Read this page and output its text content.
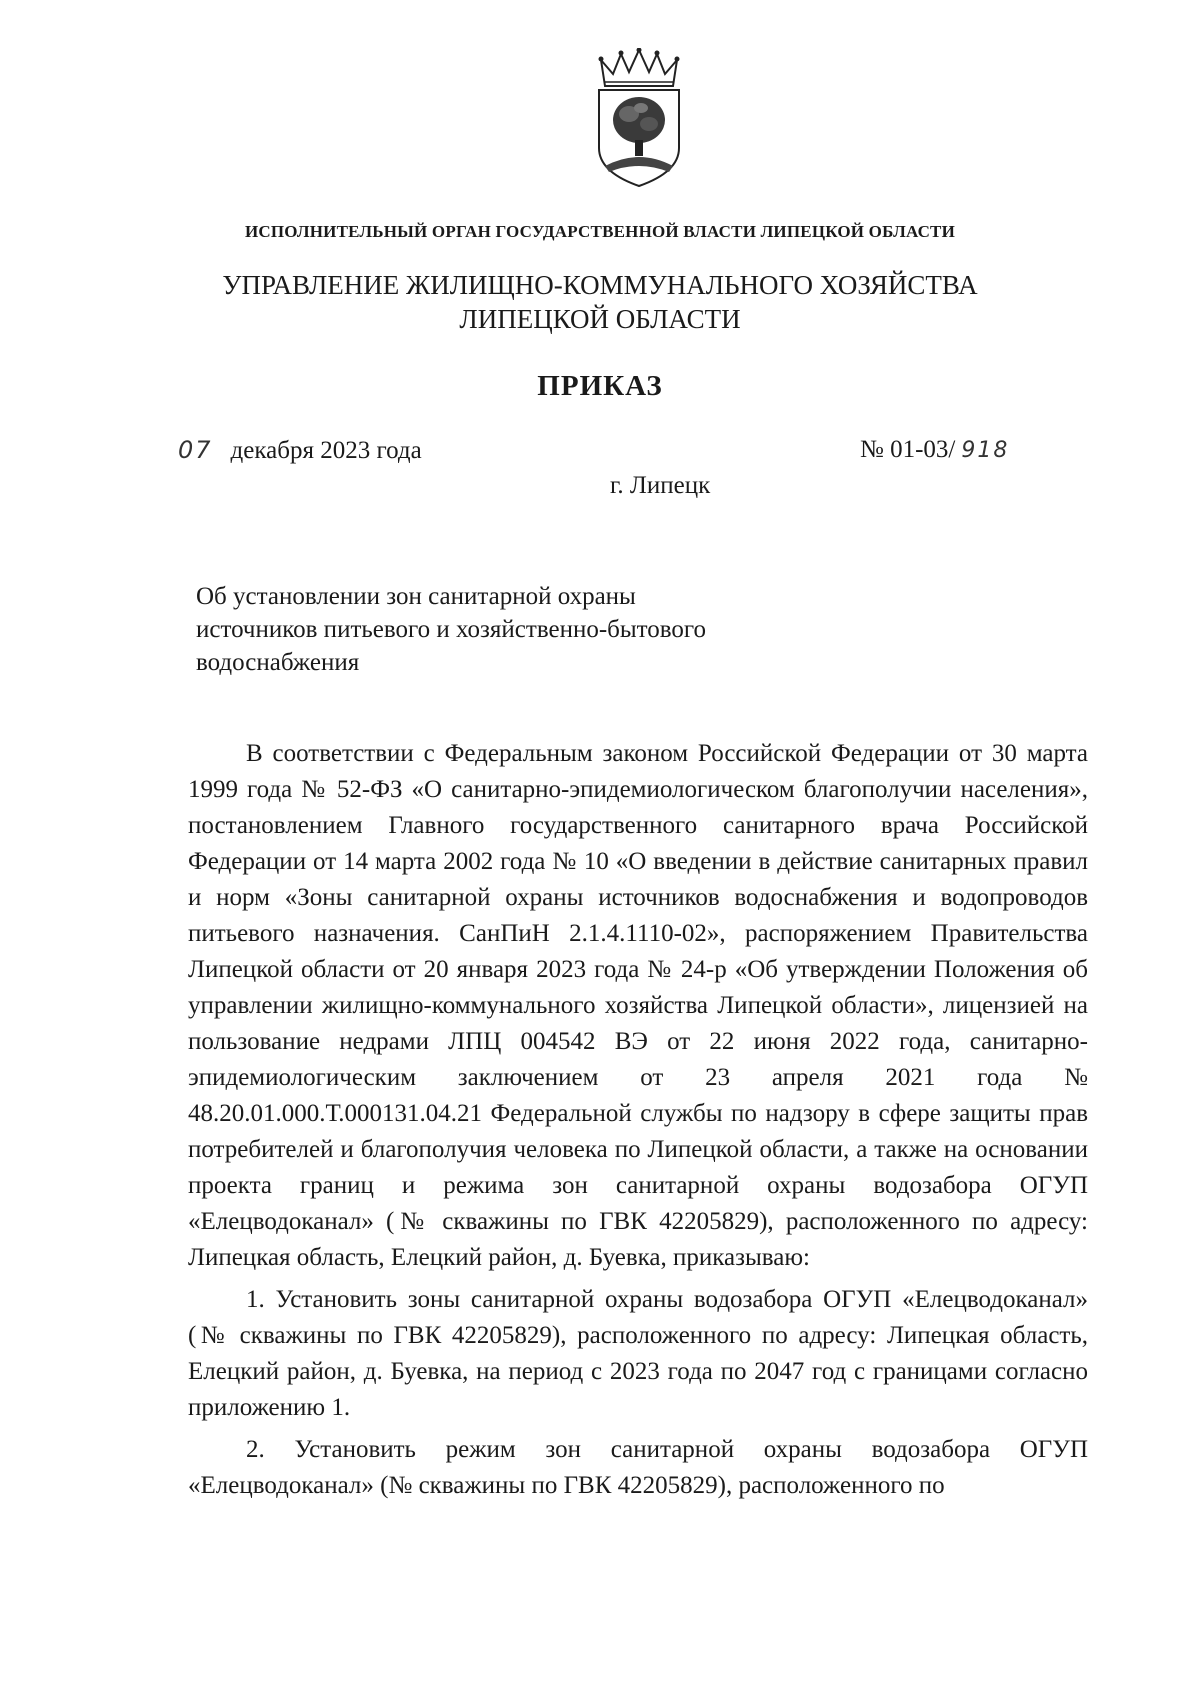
ИСПОЛНИТЕЛЬНЫЙ ОРГАН ГОСУДАРСТВЕННОЙ ВЛАСТИ ЛИПЕЦКОЙ ОБЛАСТИ
УПРАВЛЕНИЕ ЖИЛИЩНО-КОММУНАЛЬНОГО ХОЗЯЙСТВА
ЛИПЕЦКОЙ ОБЛАСТИ
ПРИКАЗ
07 декабря 2023 года	№ 01-03/ 918
г. Липецк
Об установлении зон санитарной охраны
источников питьевого и хозяйственно-бытового
водоснабжения

В соответствии с Федеральным законом Российской Федерации от 30 марта 1999 года № 52-ФЗ «О санитарно-эпидемиологическом благополучии населения», постановлением Главного государственного санитарного врача Российской Федерации от 14 марта 2002 года № 10 «О введении в действие санитарных правил и норм «Зоны санитарной охраны источников водоснабжения и водопроводов питьевого назначения. СанПиН 2.1.4.1110-02», распоряжением Правительства Липецкой области от 20 января 2023 года № 24-р «Об утверждении Положения об управлении жилищно-коммунального хозяйства Липецкой области», лицензией на пользование недрами ЛПЦ 004542 ВЭ от 22 июня 2022 года, санитарно-эпидемиологическим заключением от 23 апреля 2021 года № 48.20.01.000.Т.000131.04.21 Федеральной службы по надзору в сфере защиты прав потребителей и благополучия человека по Липецкой области, а также на основании проекта границ и режима зон санитарной охраны водозабора ОГУП «Елецводоканал» (№ скважины по ГВК 42205829), расположенного по адресу: Липецкая область, Елецкий район, д. Буевка, приказываю:

1. Установить зоны санитарной охраны водозабора ОГУП «Елецводоканал» (№ скважины по ГВК 42205829), расположенного по адресу: Липецкая область, Елецкий район, д. Буевка, на период с 2023 года по 2047 год с границами согласно приложению 1.

2. Установить режим зон санитарной охраны водозабора ОГУП «Елецводоканал» (№ скважины по ГВК 42205829), расположенного по
